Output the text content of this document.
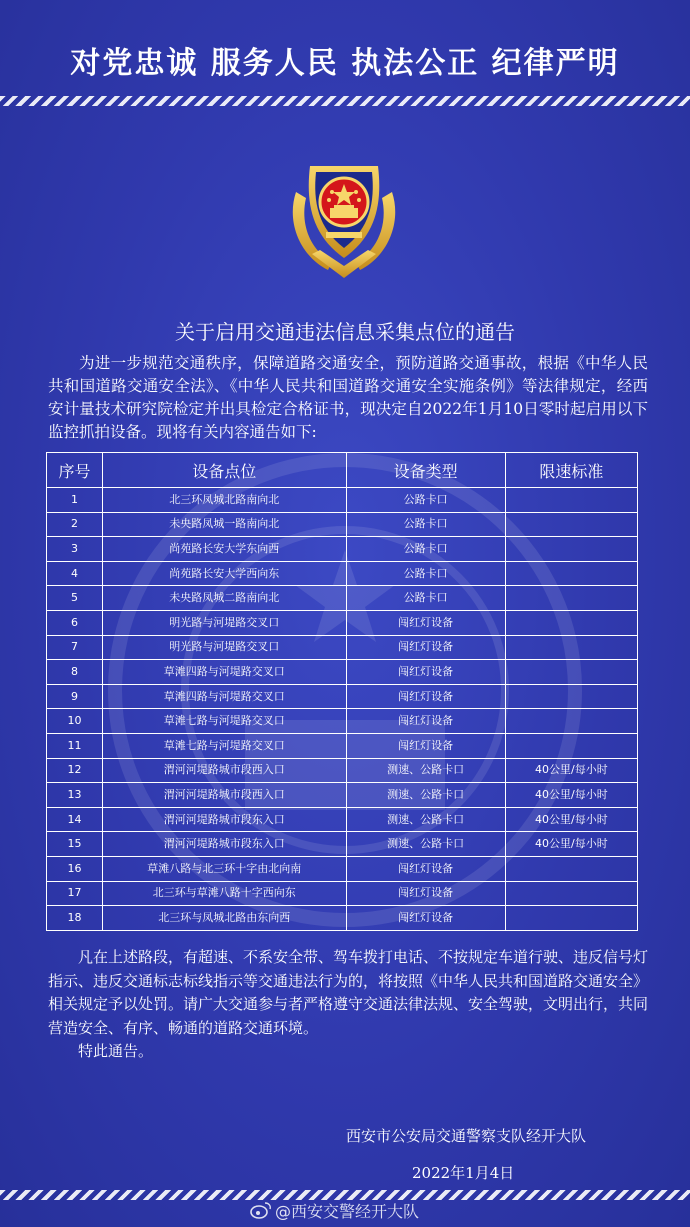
对党忠诚 服务人民 执法公正 纪律严明
关于启用交通违法信息采集点位的通告
为进一步规范交通秩序，保障道路交通安全，预防道路交通事故，根据《中华人民共和国道路交通安全法》、《中华人民共和国道路交通安全实施条例》等法律规定，经西安计量技术研究院检定并出具检定合格证书，现决定自2022年1月10日零时起启用以下监控抓拍设备。现将有关内容通告如下:
序号	设备点位	设备类型	限速标准
1	北三环凤城北路南向北	公路卡口	
2	未央路凤城一路南向北	公路卡口	
3	尚苑路长安大学东向西	公路卡口	
4	尚苑路长安大学西向东	公路卡口	
5	未央路凤城二路南向北	公路卡口	
6	明光路与河堤路交叉口	闯红灯设备	
7	明光路与河堤路交叉口	闯红灯设备	
8	草滩四路与河堤路交叉口	闯红灯设备	
9	草滩四路与河堤路交叉口	闯红灯设备	
10	草滩七路与河堤路交叉口	闯红灯设备	
11	草滩七路与河堤路交叉口	闯红灯设备	
12	渭河河堤路城市段西入口	测速、公路卡口	40公里/每小时
13	渭河河堤路城市段西入口	测速、公路卡口	40公里/每小时
14	渭河河堤路城市段东入口	测速、公路卡口	40公里/每小时
15	渭河河堤路城市段东入口	测速、公路卡口	40公里/每小时
16	草滩八路与北三环十字由北向南	闯红灯设备	
17	北三环与草滩八路十字西向东	闯红灯设备	
18	北三环与凤城北路由东向西	闯红灯设备	

凡在上述路段，有超速、不系安全带、驾车拨打电话、不按规定车道行驶、违反信号灯指示、违反交通标志标线指示等交通违法行为的，将按照《中华人民共和国道路交通安全》相关规定予以处罚。请广大交通参与者严格遵守交通法律法规、安全驾驶，文明出行，共同营造安全、有序、畅通的道路交通环境。

特此通告。

西安市公安局交通警察支队经开大队
2022年1月4日
@西安交警经开大队
